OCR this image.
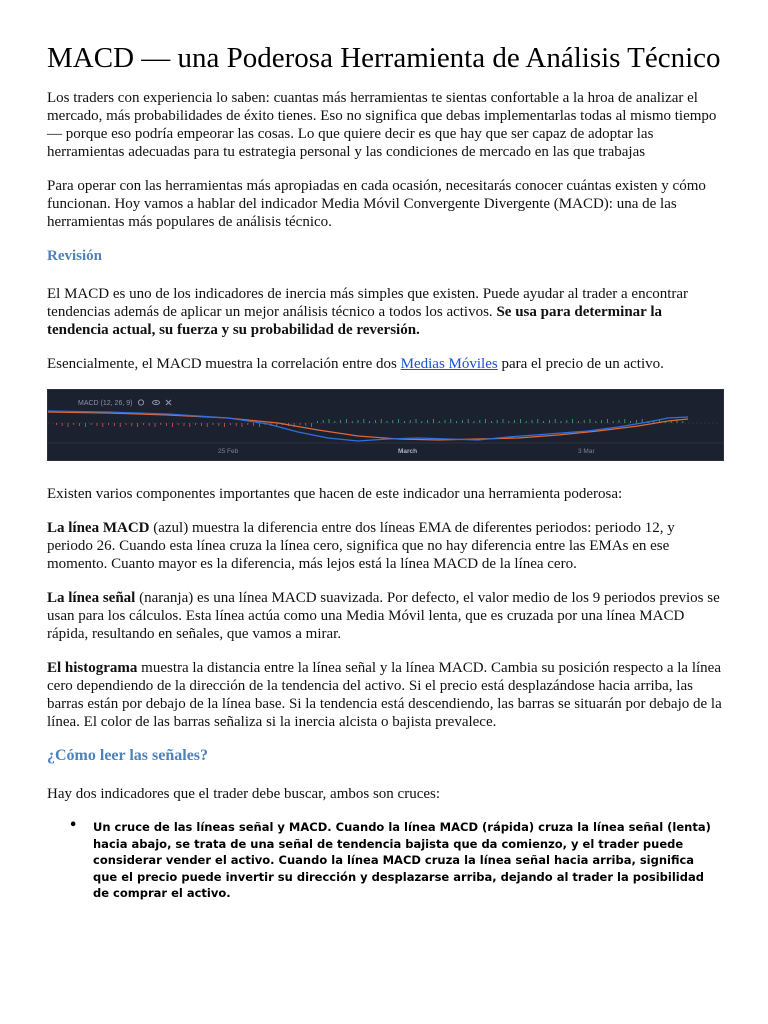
MACD — una Poderosa Herramienta de Análisis Técnico

Los traders con experiencia lo saben: cuantas más herramientas te sientas confortable a la hroa de analizar el mercado, más probabilidades de éxito tienes. Eso no significa que debas implementarlas todas al mismo tiempo — porque eso podría empeorar las cosas. Lo que quiere decir es que hay que ser capaz de adoptar las herramientas adecuadas para tu estrategia personal y las condiciones de mercado en las que trabajas

Para operar con las herramientas más apropiadas en cada ocasión, necesitarás conocer cuántas existen y cómo funcionan. Hoy vamos a hablar del indicador Media Móvil Convergente Divergente (MACD): una de las herramientas más populares de análisis técnico.

Revisión

El MACD es uno de los indicadores de inercia más simples que existen. Puede ayudar al trader a encontrar tendencias además de aplicar un mejor análisis técnico a todos los activos. Se usa para determinar la tendencia actual, su fuerza y su probabilidad de reversión.

Esencialmente, el MACD muestra la correlación entre dos Medias Móviles para el precio de un activo.

MACD (12, 26, 9)
25 Feb	March	3 Mar

Existen varios componentes importantes que hacen de este indicador una herramienta poderosa:

La línea MACD (azul) muestra la diferencia entre dos líneas EMA de diferentes periodos: periodo 12, y periodo 26. Cuando esta línea cruza la línea cero, significa que no hay diferencia entre las EMAs en ese momento. Cuanto mayor es la diferencia, más lejos está la línea MACD de la línea cero.

La línea señal (naranja) es una línea MACD suavizada. Por defecto, el valor medio de los 9 periodos previos se usan para los cálculos. Esta línea actúa como una Media Móvil lenta, que es cruzada por una línea MACD rápida, resultando en señales, que vamos a mirar.

El histograma muestra la distancia entre la línea señal y la línea MACD. Cambia su posición respecto a la línea cero dependiendo de la dirección de la tendencia del activo. Si el precio está desplazándose hacia arriba, las barras están por debajo de la línea base. Si la tendencia está descendiendo, las barras se situarán por debajo de la línea. El color de las barras señaliza si la inercia alcista o bajista prevalece.

¿Cómo leer las señales?

Hay dos indicadores que el trader debe buscar, ambos son cruces:

• Un cruce de las líneas señal y MACD. Cuando la línea MACD (rápida) cruza la línea señal (lenta) hacia abajo, se trata de una señal de tendencia bajista que da comienzo, y el trader puede considerar vender el activo. Cuando la línea MACD cruza la línea señal hacia arriba, significa que el precio puede invertir su dirección y desplazarse arriba, dejando al trader la posibilidad de comprar el activo.
